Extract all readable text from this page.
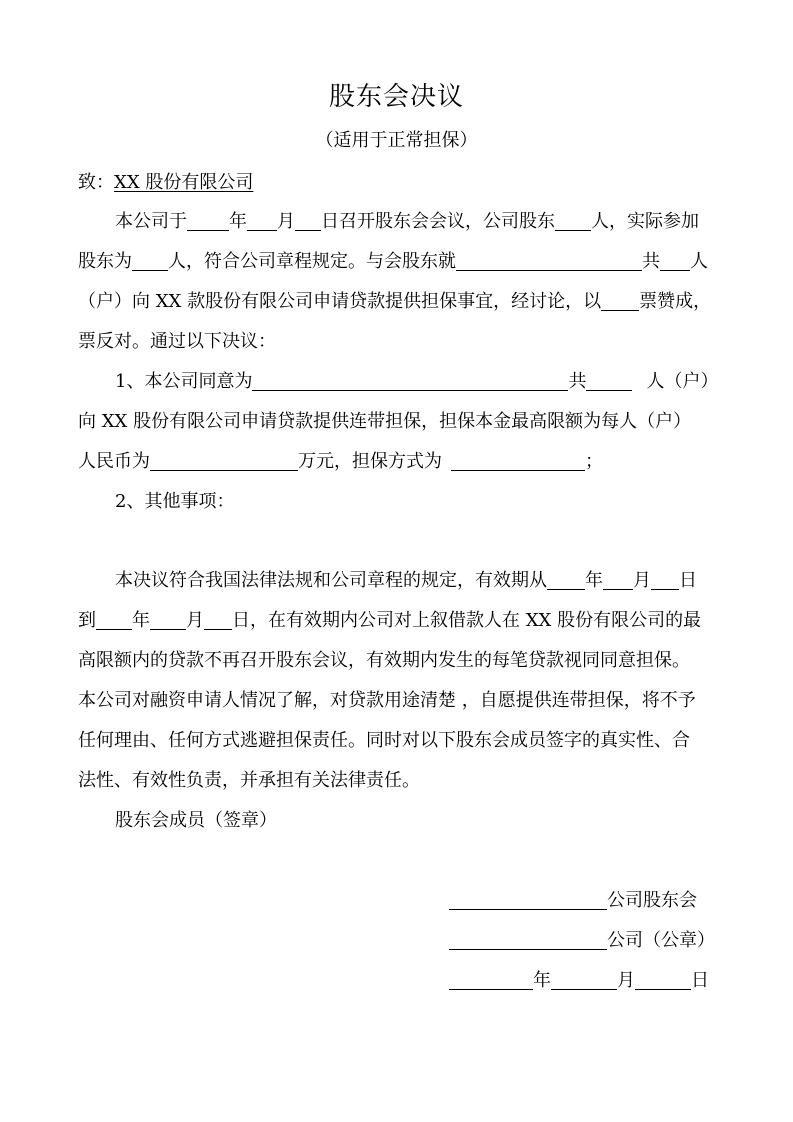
股东会决议
（适用于正常担保）
致：XX 股份有限公司
本公司于 年 月 日召开股东会会议，公司股东 人，实际参加
股东为 人，符合公司章程规定。与会股东就	共 人
（户）向 XX 款股份有限公司申请贷款提供担保事宜，经讨论，以 票赞成，
票反对。通过以下决议：
1、本公司同意为	共	人（户）
向 XX 股份有限公司申请贷款提供连带担保，担保本金最高限额为每人（户）
人民币为	万元，担保方式为	；
2、其他事项：
本决议符合我国法律法规和公司章程的规定，有效期从 年 月 日
到 年 月 日，在有效期内公司对上叙借款人在 XX 股份有限公司的最
高限额内的贷款不再召开股东会议，有效期内发生的每笔贷款视同同意担保。
本公司对融资申请人情况了解，对贷款用途清楚 ，自愿提供连带担保，将不予
任何理由、任何方式逃避担保责任。同时对以下股东会成员签字的真实性、合
法性、有效性负责，并承担有关法律责任。
股东会成员（签章）
公司股东会
公司（公章）
年	月	日
